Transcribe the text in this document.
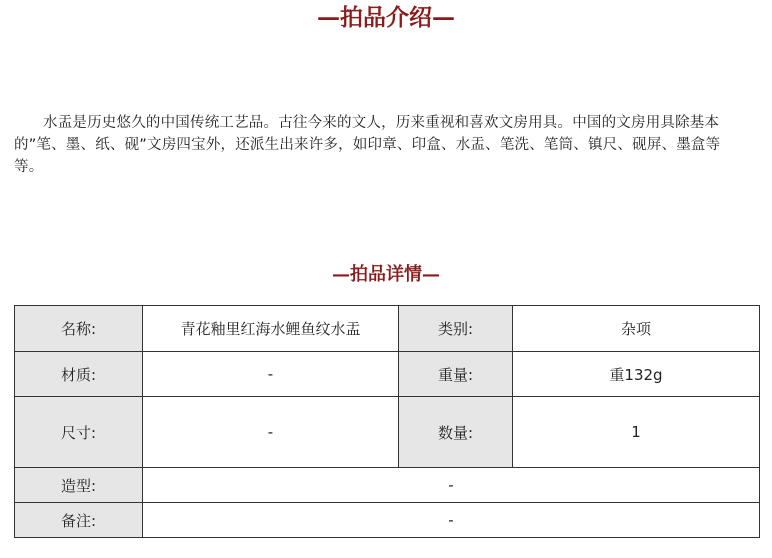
—拍品介绍—

水盂是历史悠久的中国传统工艺品。古往今来的文人，历来重视和喜欢文房用具。中国的文房用具除基本的”笔、墨、纸、砚”文房四宝外，还派生出来许多，如印章、印盒、水盂、笔洗、笔筒、镇尺、砚屏、墨盒等等。

—拍品详情—
名称:	青花釉里红海水鲤鱼纹水盂	类别:	杂项
材质:	-	重量:	重132g
尺寸:	-	数量:	1
造型:	-		
备注:	-		
